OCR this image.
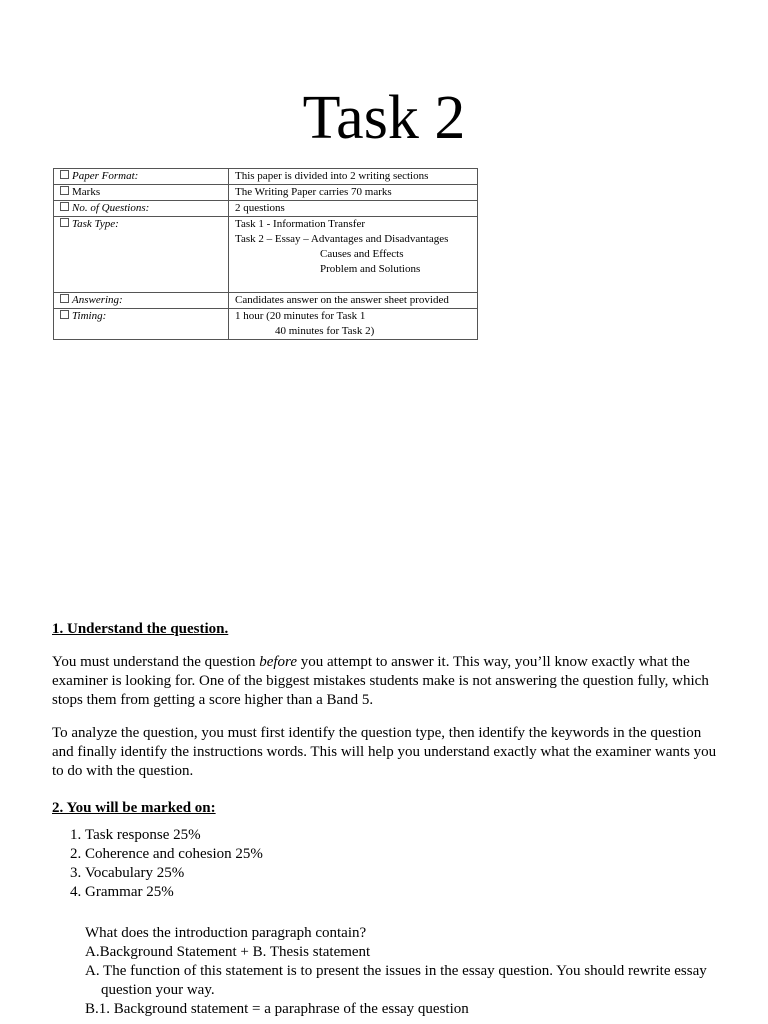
Task 2
Paper Format:	This paper is divided into 2 writing sections

Marks	The Writing Paper carries 70 marks

No. of Questions:	2 questions

Task Type:	Task 1 - Information Transfer
Task 2 – Essay – Advantages and Disadvantages
Causes and Effects
Problem and Solutions

Answering:	Candidates answer on the answer sheet provided

Timing:	1 hour (20 minutes for Task 1
40 minutes for Task 2)

1. Understand the question.

You must understand the question before you attempt to answer it. This way, you’ll know exactly what the examiner is looking for. One of the biggest mistakes students make is not answering the question fully, which stops them from getting a score higher than a Band 5.

To analyze the question, you must first identify the question type, then identify the keywords in the question and finally identify the instructions words. This will help you understand exactly what the examiner wants you to do with the question.

2. You will be marked on:

1. Task response 25%
2. Coherence and cohesion 25%
3. Vocabulary 25%
4. Grammar 25%

What does the introduction paragraph contain?

A.Background Statement + B. Thesis statement

A. The function of this statement is to present the issues in the essay question. You should rewrite essay question your way.

B.1. Background statement = a paraphrase of the essay question
